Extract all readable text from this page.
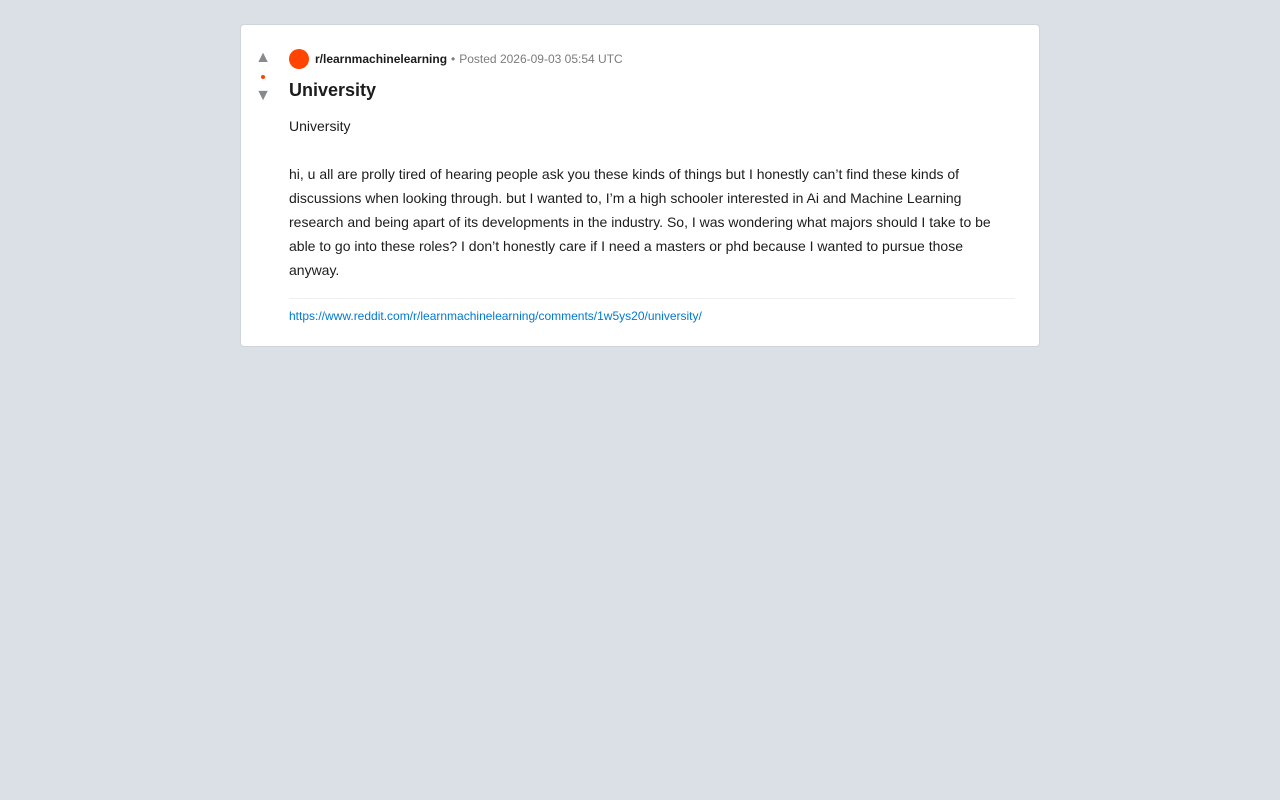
▲
▼
r/learnmachinelearning • Posted 2026-09-03 05:54 UTC
University

University

hi, u all are prolly tired of hearing people ask you these kinds of things but I honestly can’t find these kinds of discussions when looking through. but I wanted to, I’m a high schooler interested in Ai and Machine Learning research and being apart of its developments in the industry. So, I was wondering what majors should I take to be able to go into these roles? I don’t honestly care if I need a masters or phd because I wanted to pursue those anyway.

https://www.reddit.com/r/learnmachinelearning/comments/1w5ys20/university/
